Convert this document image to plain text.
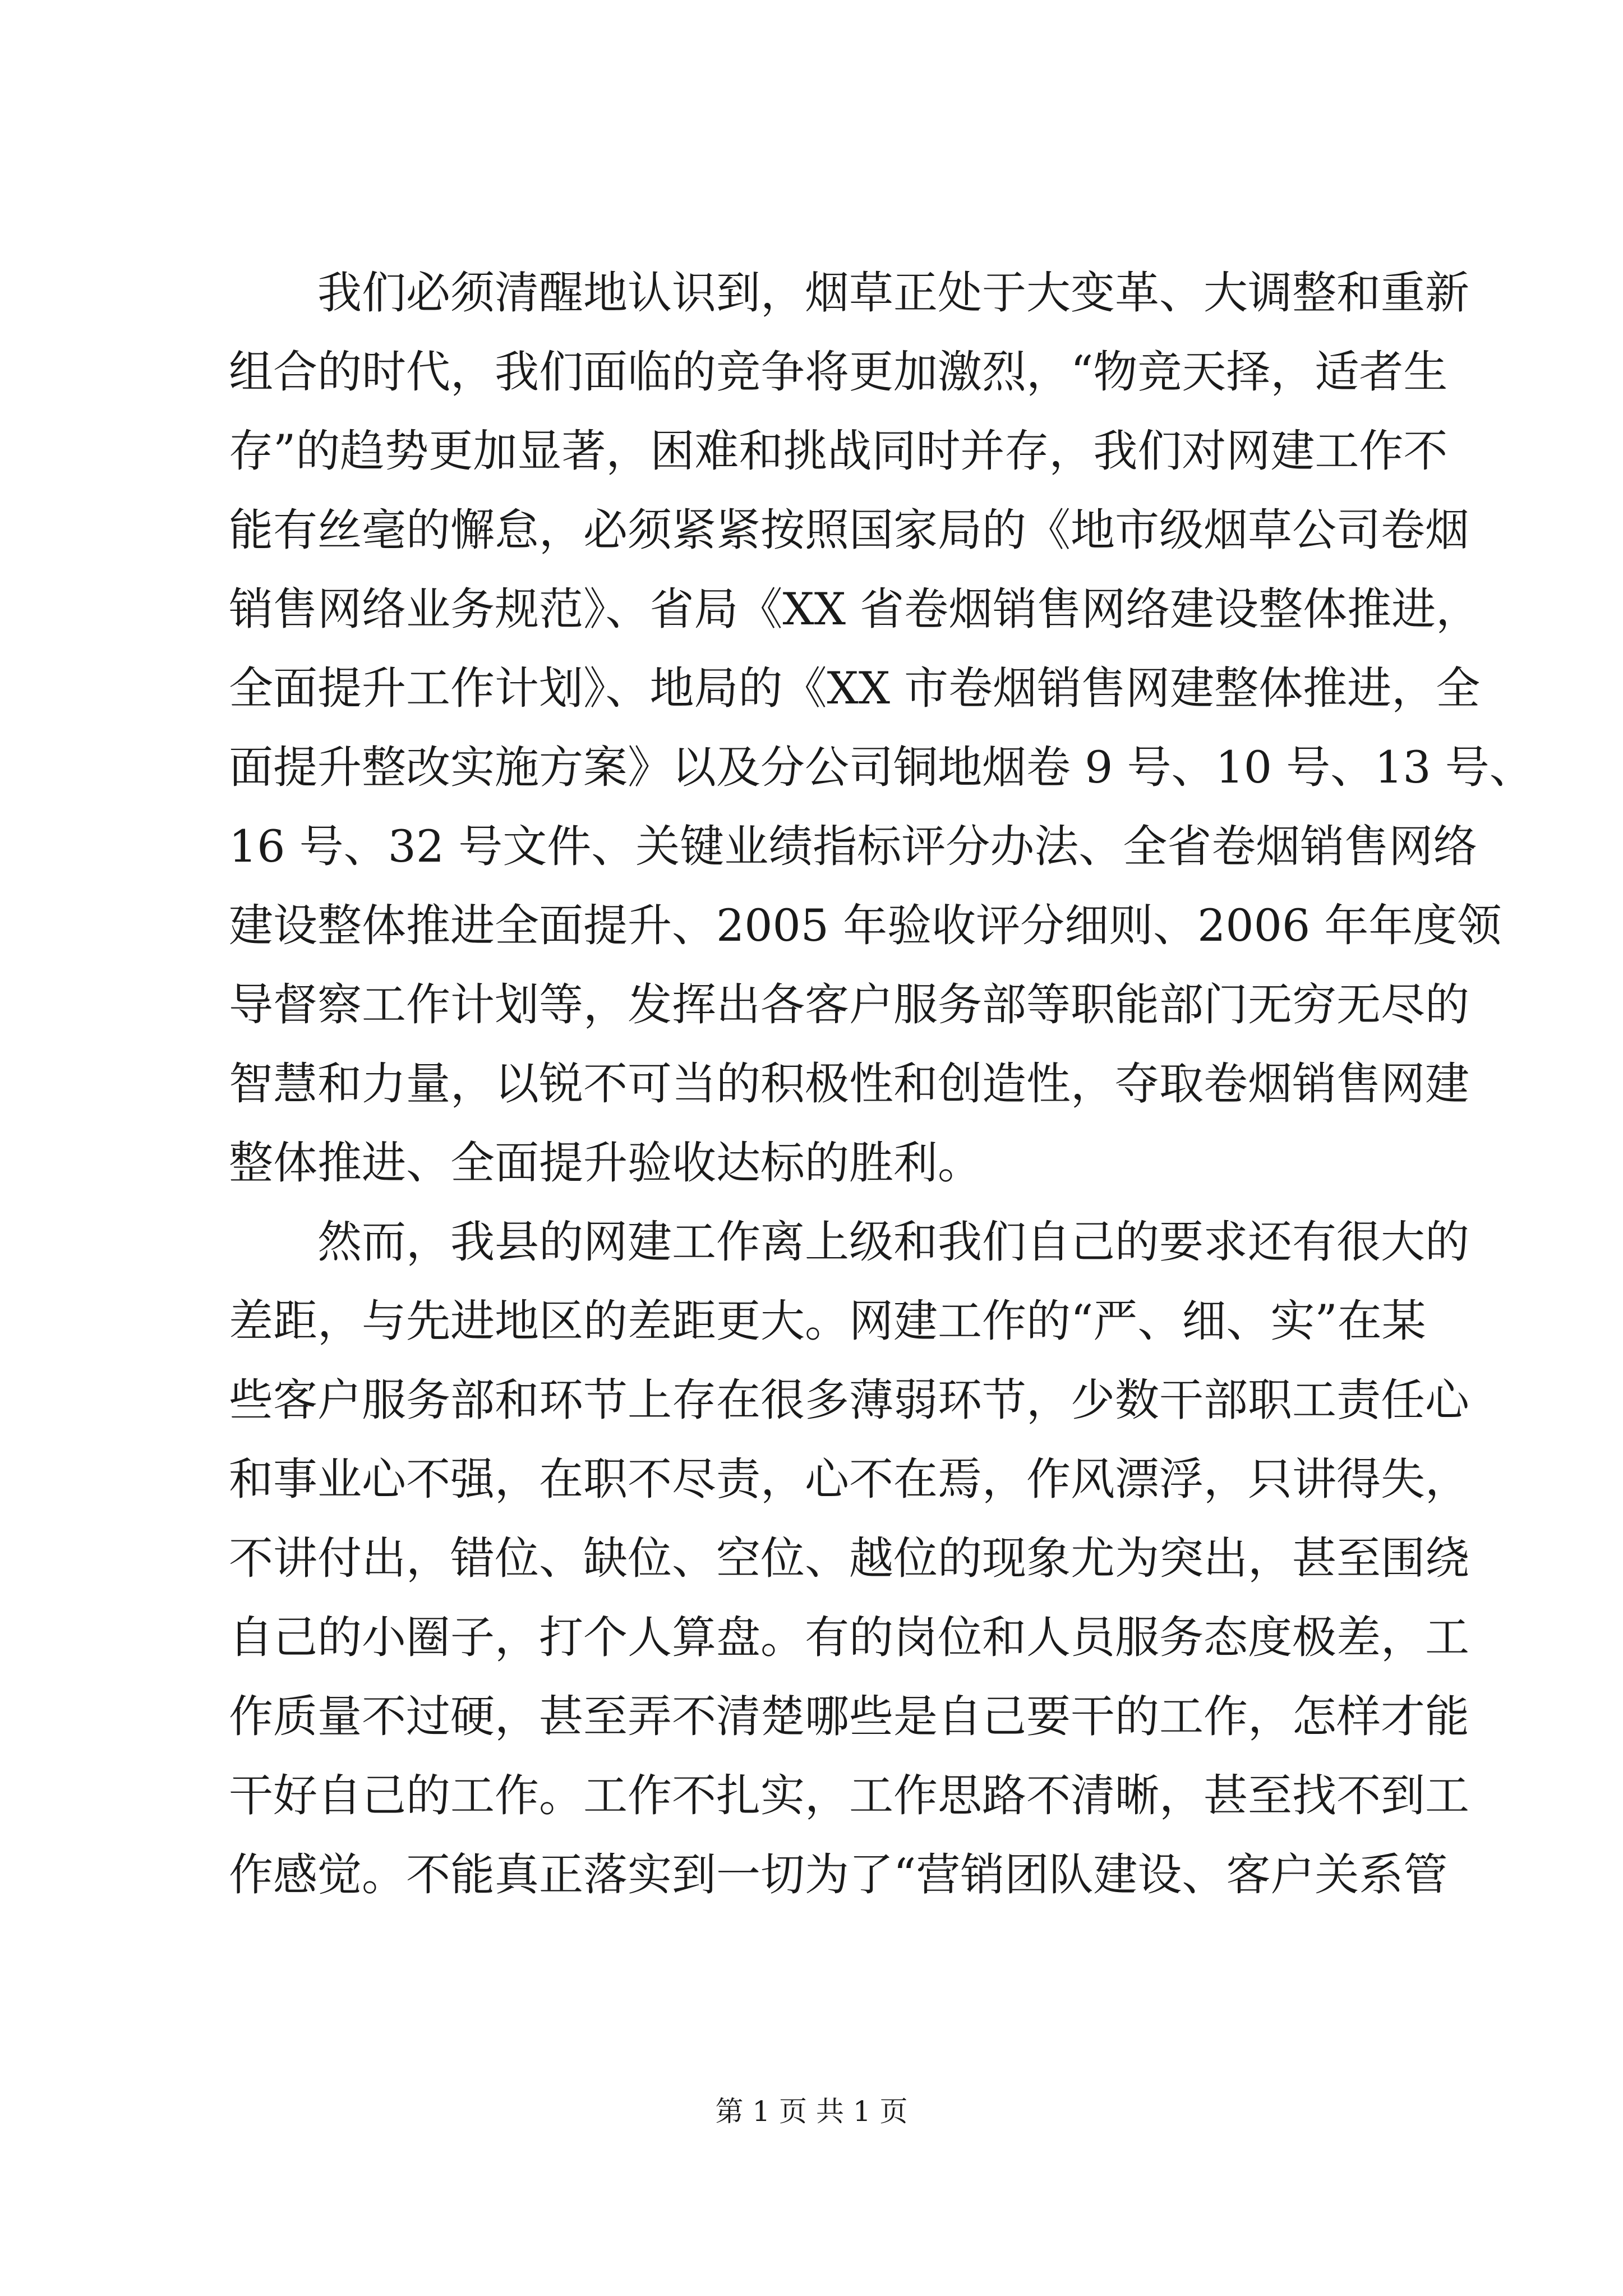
我们必须清醒地认识到，烟草正处于大变革、大调整和重新
组合的时代，我们面临的竞争将更加激烈，“物竞天择，适者生
存”的趋势更加显著，困难和挑战同时并存，我们对网建工作不
能有丝毫的懈怠，必须紧紧按照国家局的《地市级烟草公司卷烟
销售网络业务规范》、省局《XX 省卷烟销售网络建设整体推进，
全面提升工作计划》、地局的《XX 市卷烟销售网建整体推进，全
面提升整改实施方案》以及分公司铜地烟卷 9 号、10 号、13 号、
16 号、32 号文件、关键业绩指标评分办法、全省卷烟销售网络
建设整体推进全面提升、2005 年验收评分细则、2006 年年度领
导督察工作计划等，发挥出各客户服务部等职能部门无穷无尽的
智慧和力量，以锐不可当的积极性和创造性，夺取卷烟销售网建
整体推进、全面提升验收达标的胜利。
然而，我县的网建工作离上级和我们自己的要求还有很大的
差距，与先进地区的差距更大。网建工作的“严、细、实”在某
些客户服务部和环节上存在很多薄弱环节，少数干部职工责任心
和事业心不强，在职不尽责，心不在焉，作风漂浮，只讲得失，
不讲付出，错位、缺位、空位、越位的现象尤为突出，甚至围绕
自己的小圈子，打个人算盘。有的岗位和人员服务态度极差，工
作质量不过硬，甚至弄不清楚哪些是自己要干的工作，怎样才能
干好自己的工作。工作不扎实，工作思路不清晰，甚至找不到工
作感觉。不能真正落实到一切为了“营销团队建设、客户关系管
第 1 页 共 1 页
